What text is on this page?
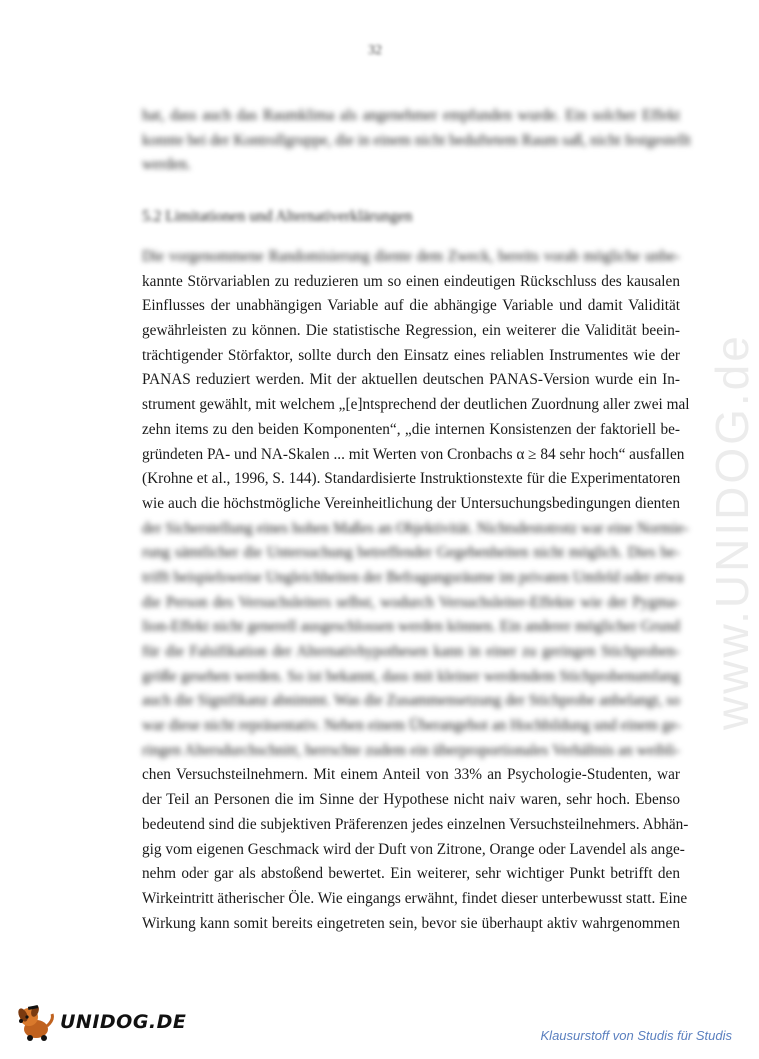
32
hat, dass auch das Raumklima als angenehmer empfunden wurde. Ein solcher Effekt
konnte bei der Kontrollgruppe, die in einem nicht beduftetem Raum saß, nicht festgestellt
werden.
5.2 Limitationen und Alternativerklärungen
Die vorgenommene Randomisierung diente dem Zweck, bereits vorab mögliche unbe-
kannte Störvariablen zu reduzieren um so einen eindeutigen Rückschluss des kausalen
Einflusses der unabhängigen Variable auf die abhängige Variable und damit Validität
gewährleisten zu können. Die statistische Regression, ein weiterer die Validität beein-
trächtigender Störfaktor, sollte durch den Einsatz eines reliablen Instrumentes wie der
PANAS reduziert werden. Mit der aktuellen deutschen PANAS-Version wurde ein In-
strument gewählt, mit welchem „[e]ntsprechend der deutlichen Zuordnung aller zwei mal
zehn items zu den beiden Komponenten“, „die internen Konsistenzen der faktoriell be-
gründeten PA- und NA-Skalen ... mit Werten von Cronbachs α ≥ 84 sehr hoch“ ausfallen
(Krohne et al., 1996, S. 144). Standardisierte Instruktionstexte für die Experimentatoren
wie auch die höchstmögliche Vereinheitlichung der Untersuchungsbedingungen dienten
der Sicherstellung eines hohen Maßes an Objektivität. Nichtsdestotrotz war eine Normie-
rung sämtlicher die Untersuchung betreffender Gegebenheiten nicht möglich. Dies be-
trifft beispielsweise Ungleichheiten der Befragungsräume im privaten Umfeld oder etwa
die Person des Versuchsleiters selbst, wodurch Versuchsleiter-Effekte wie der Pygma-
lion-Effekt nicht generell ausgeschlossen werden können. Ein anderer möglicher Grund
für die Falsifikation der Alternativhypothesen kann in einer zu geringen Stichproben-
größe gesehen werden. So ist bekannt, dass mit kleiner werdendem Stichprobenumfang
auch die Signifikanz abnimmt. Was die Zusammensetzung der Stichprobe anbelangt, so
war diese nicht repräsentativ. Neben einem Überangebot an Hochbildung und einem ge-
ringen Altersdurchschnitt, herrschte zudem ein überproportionales Verhältnis an weibli-
chen Versuchsteilnehmern. Mit einem Anteil von 33% an Psychologie-Studenten, war
der Teil an Personen die im Sinne der Hypothese nicht naiv waren, sehr hoch. Ebenso
bedeutend sind die subjektiven Präferenzen jedes einzelnen Versuchsteilnehmers. Abhän-
gig vom eigenen Geschmack wird der Duft von Zitrone, Orange oder Lavendel als ange-
nehm oder gar als abstoßend bewertet. Ein weiterer, sehr wichtiger Punkt betrifft den
Wirkeintritt ätherischer Öle. Wie eingangs erwähnt, findet dieser unterbewusst statt. Eine
Wirkung kann somit bereits eingetreten sein, bevor sie überhaupt aktiv wahrgenommen
www.UNIDOG.de
UNIDOG.DE
Klausurstoff von Studis für Studis
